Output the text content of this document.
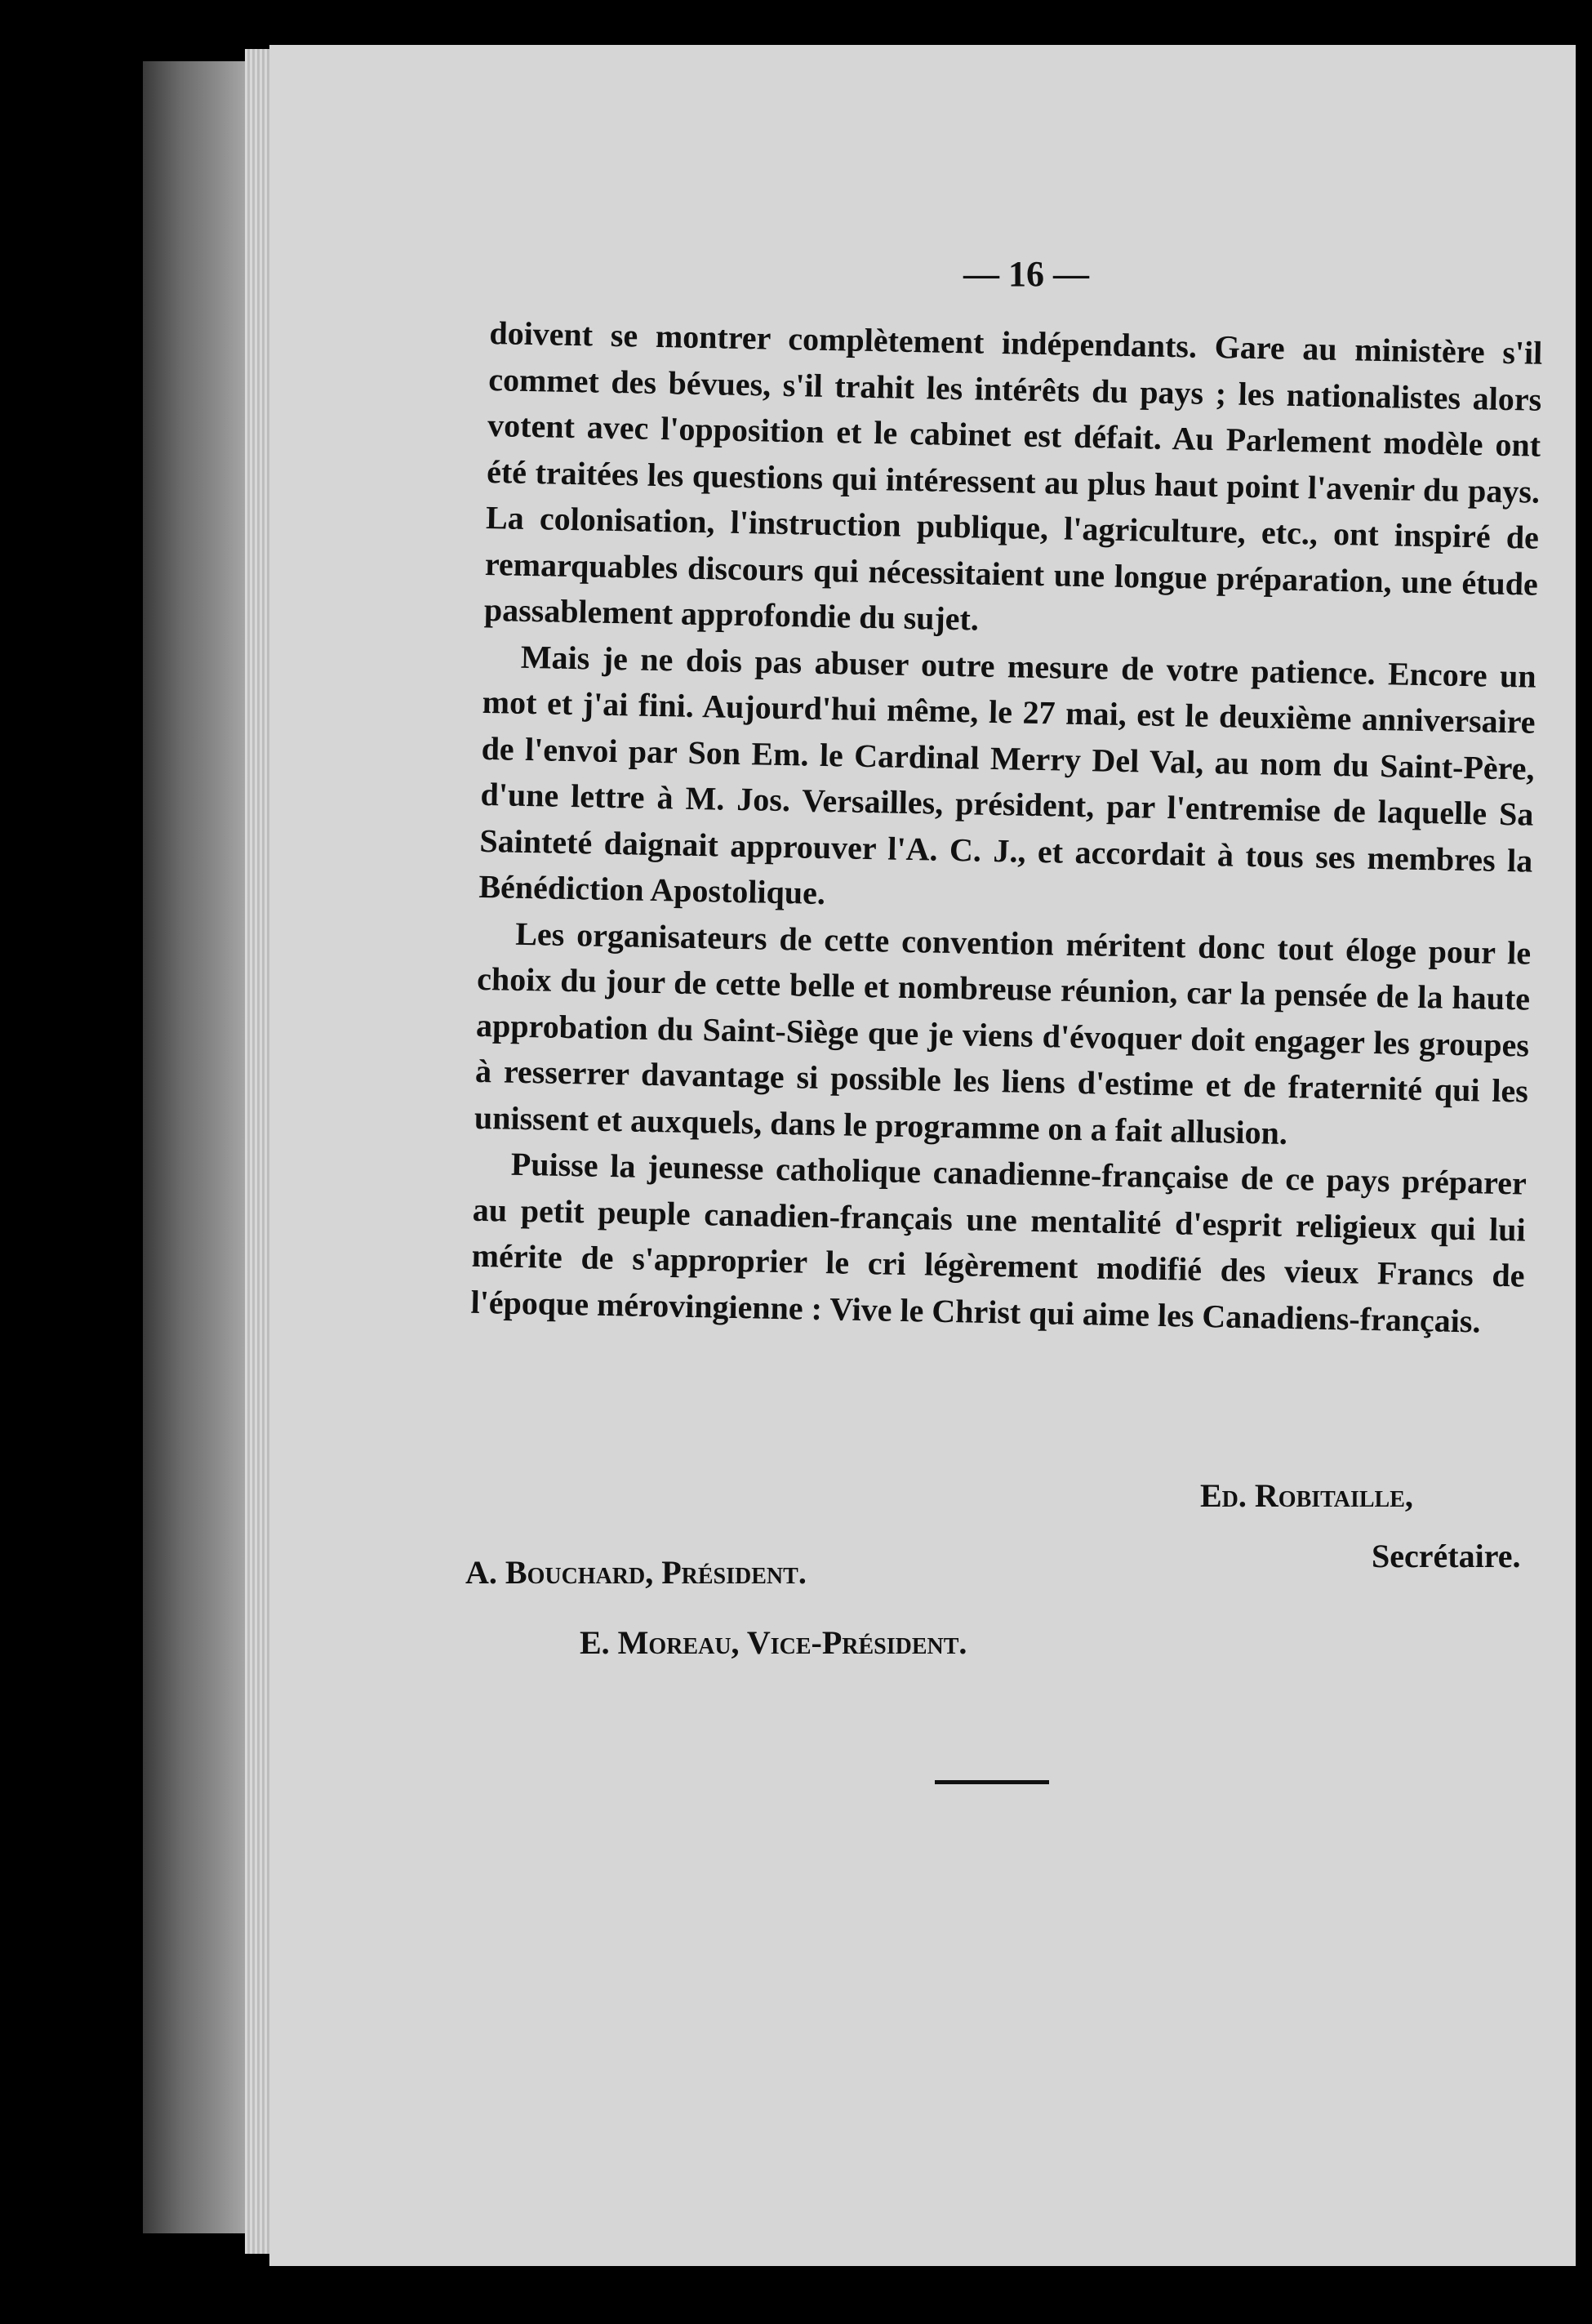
— 16 —

doivent se montrer complètement indépendants. Gare au ministère s'il commet des bévues, s'il trahit les intérêts du pays ; les nationalistes alors votent avec l'opposition et le cabinet est défait. Au Parlement modèle ont été traitées les questions qui intéressent au plus haut point l'avenir du pays. La colonisation, l'instruction publique, l'agriculture, etc., ont inspiré de remarquables discours qui nécessitaient une longue préparation, une étude passablement approfondie du sujet.

Mais je ne dois pas abuser outre mesure de votre patience. Encore un mot et j'ai fini. Aujourd'hui même, le 27 mai, est le deuxième anniversaire de l'envoi par Son Em. le Cardinal Merry Del Val, au nom du Saint-Père, d'une lettre à M. Jos. Versailles, président, par l'entremise de laquelle Sa Sainteté daignait approuver l'A. C. J., et accordait à tous ses membres la Bénédiction Apostolique.

Les organisateurs de cette convention méritent donc tout éloge pour le choix du jour de cette belle et nombreuse réunion, car la pensée de la haute approbation du Saint-Siège que je viens d'évoquer doit engager les groupes à resserrer davantage si possible les liens d'estime et de fraternité qui les unissent et auxquels, dans le programme on a fait allusion.

Puisse la jeunesse catholique canadienne-française de ce pays préparer au petit peuple canadien-français une mentalité d'esprit religieux qui lui mérite de s'approprier le cri légèrement modifié des vieux Francs de l'époque mérovingienne : Vive le Christ qui aime les Canadiens-français.

Ed. Robitaille,
Secrétaire.
A. Bouchard, Président.
E. Moreau, Vice-Président.
